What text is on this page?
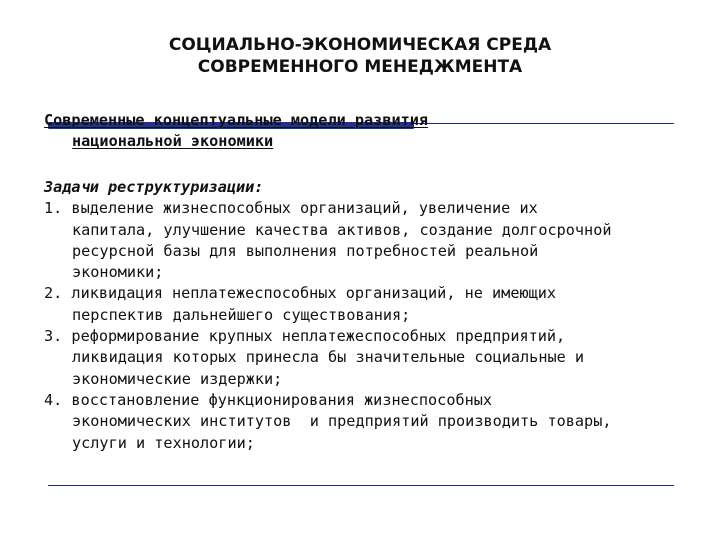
СОЦИАЛЬНО-ЭКОНОМИЧЕСКАЯ СРЕДА
СОВРЕМЕННОГО МЕНЕДЖМЕНТА
Современные концептуальные модели развития
национальной экономики
Задачи реструктуризации:
1. выделение жизнеспособных организаций, увеличение их
капитала, улучшение качества активов, создание долгосрочной
ресурсной базы для выполнения потребностей реальной
экономики;
2. ликвидация неплатежеспособных организаций, не имеющих
перспектив дальнейшего существования;
3. реформирование крупных неплатежеспособных предприятий,
ликвидация которых принесла бы значительные социальные и
экономические издержки;
4. восстановление функционирования жизнеспособных
экономических институтов  и предприятий производить товары,
услуги и технологии;
